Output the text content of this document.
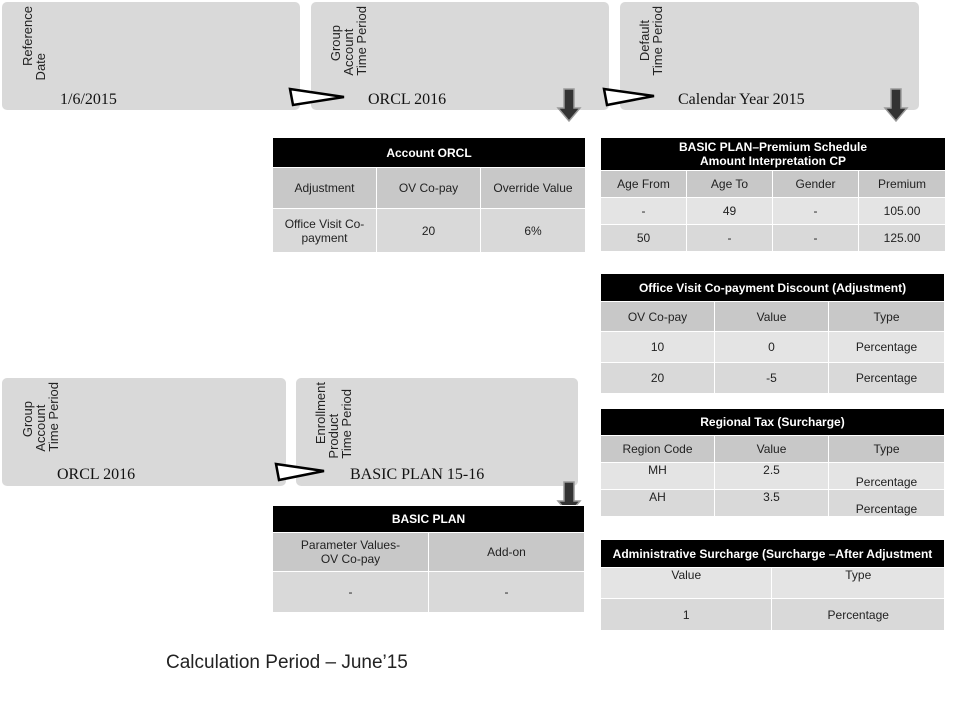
Reference
Date

1/6/2015

Group
Account
Time Period

ORCL 2016

Default
Time Period

Calendar Year 2015

Group
Account
Time Period

ORCL 2016

Enrollment
Product
Time Period

BASIC PLAN 15-16
Account ORCL		
Adjustment	OV Co-pay	Override Value
Office Visit Co-payment	20	6%
BASIC PLAN	
Parameter Values-OV Co-pay	Add-on
-	-
BASIC PLAN–Premium Schedule
Amount Interpretation CP			
Age From	Age To	Gender	Premium
-	49	-	105.00
50	-	-	125.00
Office Visit Co-payment Discount (Adjustment)		
OV Co-pay	Value	Type
10	0	Percentage
20	-5	Percentage
Regional Tax (Surcharge)		
Region Code	Value	Type
MH	2.5	Percentage
AH	3.5	Percentage
Administrative Surcharge (Surcharge –After Adjustment	
Value	Type
1	Percentage
Calculation Period – June’15
